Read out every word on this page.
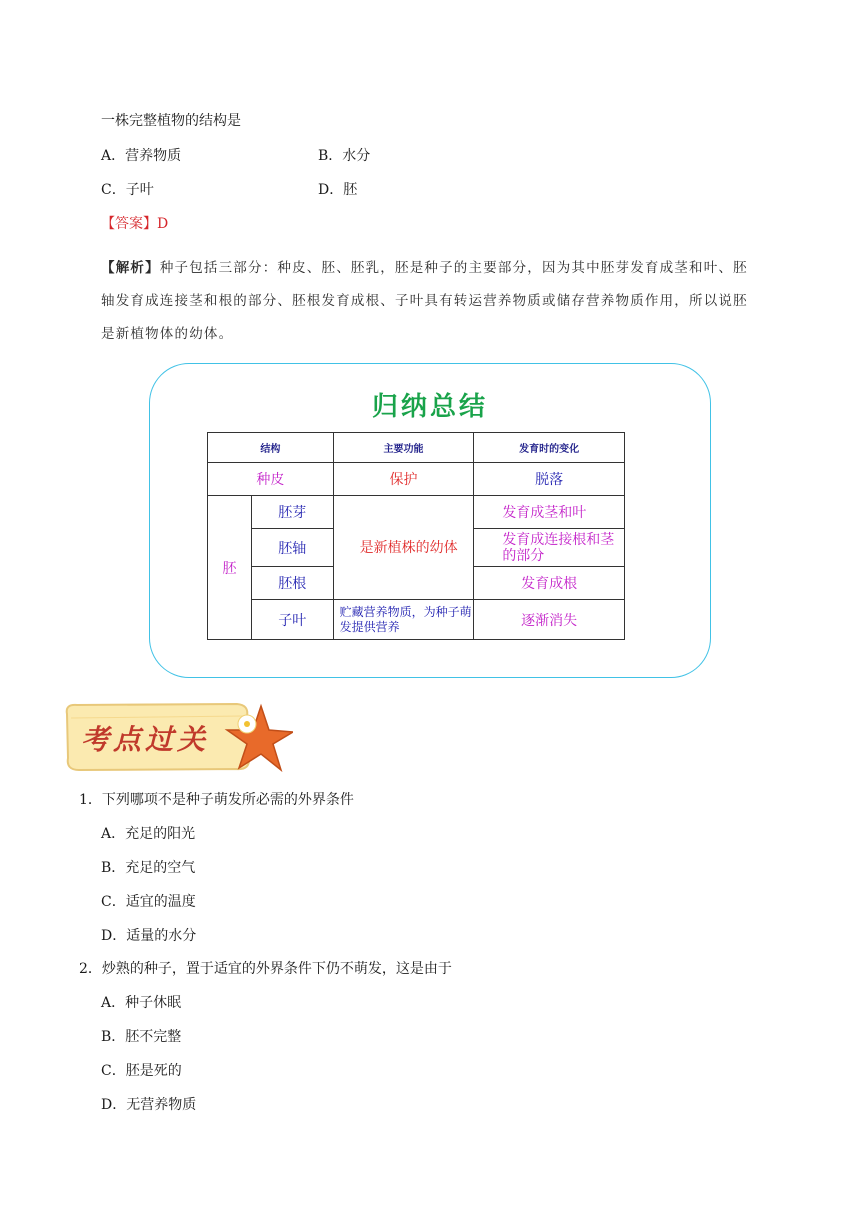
一株完整植物的结构是
A．营养物质	B．水分
C．子叶	D．胚
【答案】D
【解析】种子包括三部分：种皮、胚、胚乳，胚是种子的主要部分，因为其中胚芽发育成茎和叶、胚轴发育成连接茎和根的部分、胚根发育成根、子叶具有转运营养物质或储存营养物质作用，所以说胚是新植物体的幼体。
归纳总结
结构		主要功能	发育时的变化
种皮		保护	脱落
胚	胚芽	是新植株的幼体	发育成茎和叶
	胚轴		发育成连接根和茎的部分
	胚根		发育成根
	子叶	贮藏营养物质，为种子萌发提供营养	逐渐消失
考点过关
1．下列哪项不是种子萌发所必需的外界条件
A．充足的阳光
B．充足的空气
C．适宜的温度
D．适量的水分
2．炒熟的种子，置于适宜的外界条件下仍不萌发，这是由于
A．种子休眠
B．胚不完整
C．胚是死的
D．无营养物质
